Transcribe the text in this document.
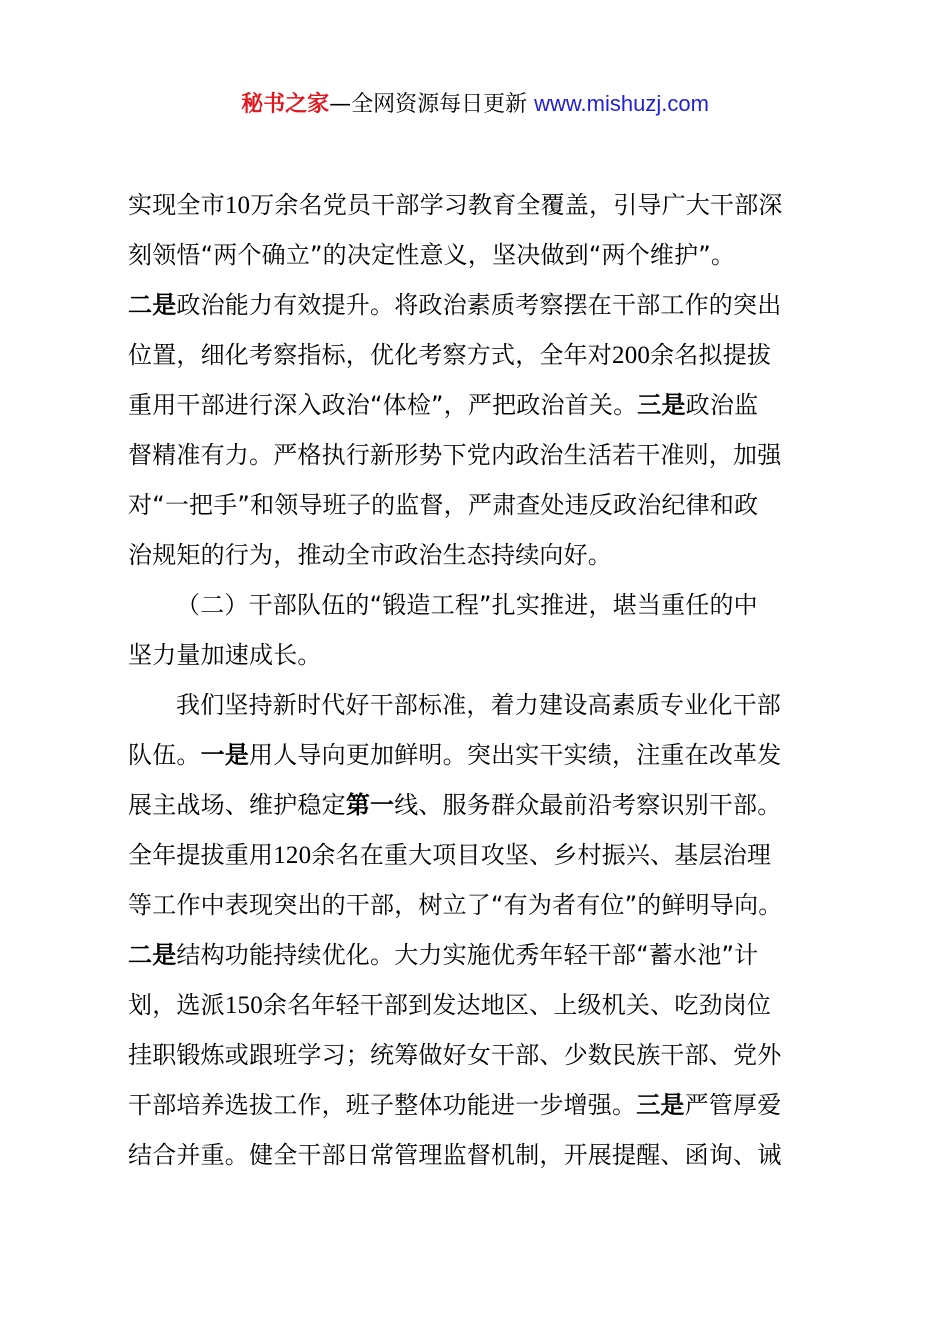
秘书之家—全网资源每日更新 www.mishuzj.com
实现全市10万余名党员干部学习教育全覆盖，引导广大干部深
刻领悟“两个确立”的决定性意义，坚决做到“两个维护”。
二是政治能力有效提升。将政治素质考察摆在干部工作的突出
位置，细化考察指标，优化考察方式，全年对200余名拟提拔
重用干部进行深入政治“体检”，严把政治首关。三是政治监
督精准有力。严格执行新形势下党内政治生活若干准则，加强
对“一把手”和领导班子的监督，严肃查处违反政治纪律和政
治规矩的行为，推动全市政治生态持续向好。
（二）干部队伍的“锻造工程”扎实推进，堪当重任的中
坚力量加速成长。
我们坚持新时代好干部标准，着力建设高素质专业化干部
队伍。一是用人导向更加鲜明。突出实干实绩，注重在改革发
展主战场、维护稳定第一线、服务群众最前沿考察识别干部。
全年提拔重用120余名在重大项目攻坚、乡村振兴、基层治理
等工作中表现突出的干部，树立了“有为者有位”的鲜明导向。
二是结构功能持续优化。大力实施优秀年轻干部“蓄水池”计
划，选派150余名年轻干部到发达地区、上级机关、吃劲岗位
挂职锻炼或跟班学习；统筹做好女干部、少数民族干部、党外
干部培养选拔工作，班子整体功能进一步增强。三是严管厚爱
结合并重。健全干部日常管理监督机制，开展提醒、函询、诫
